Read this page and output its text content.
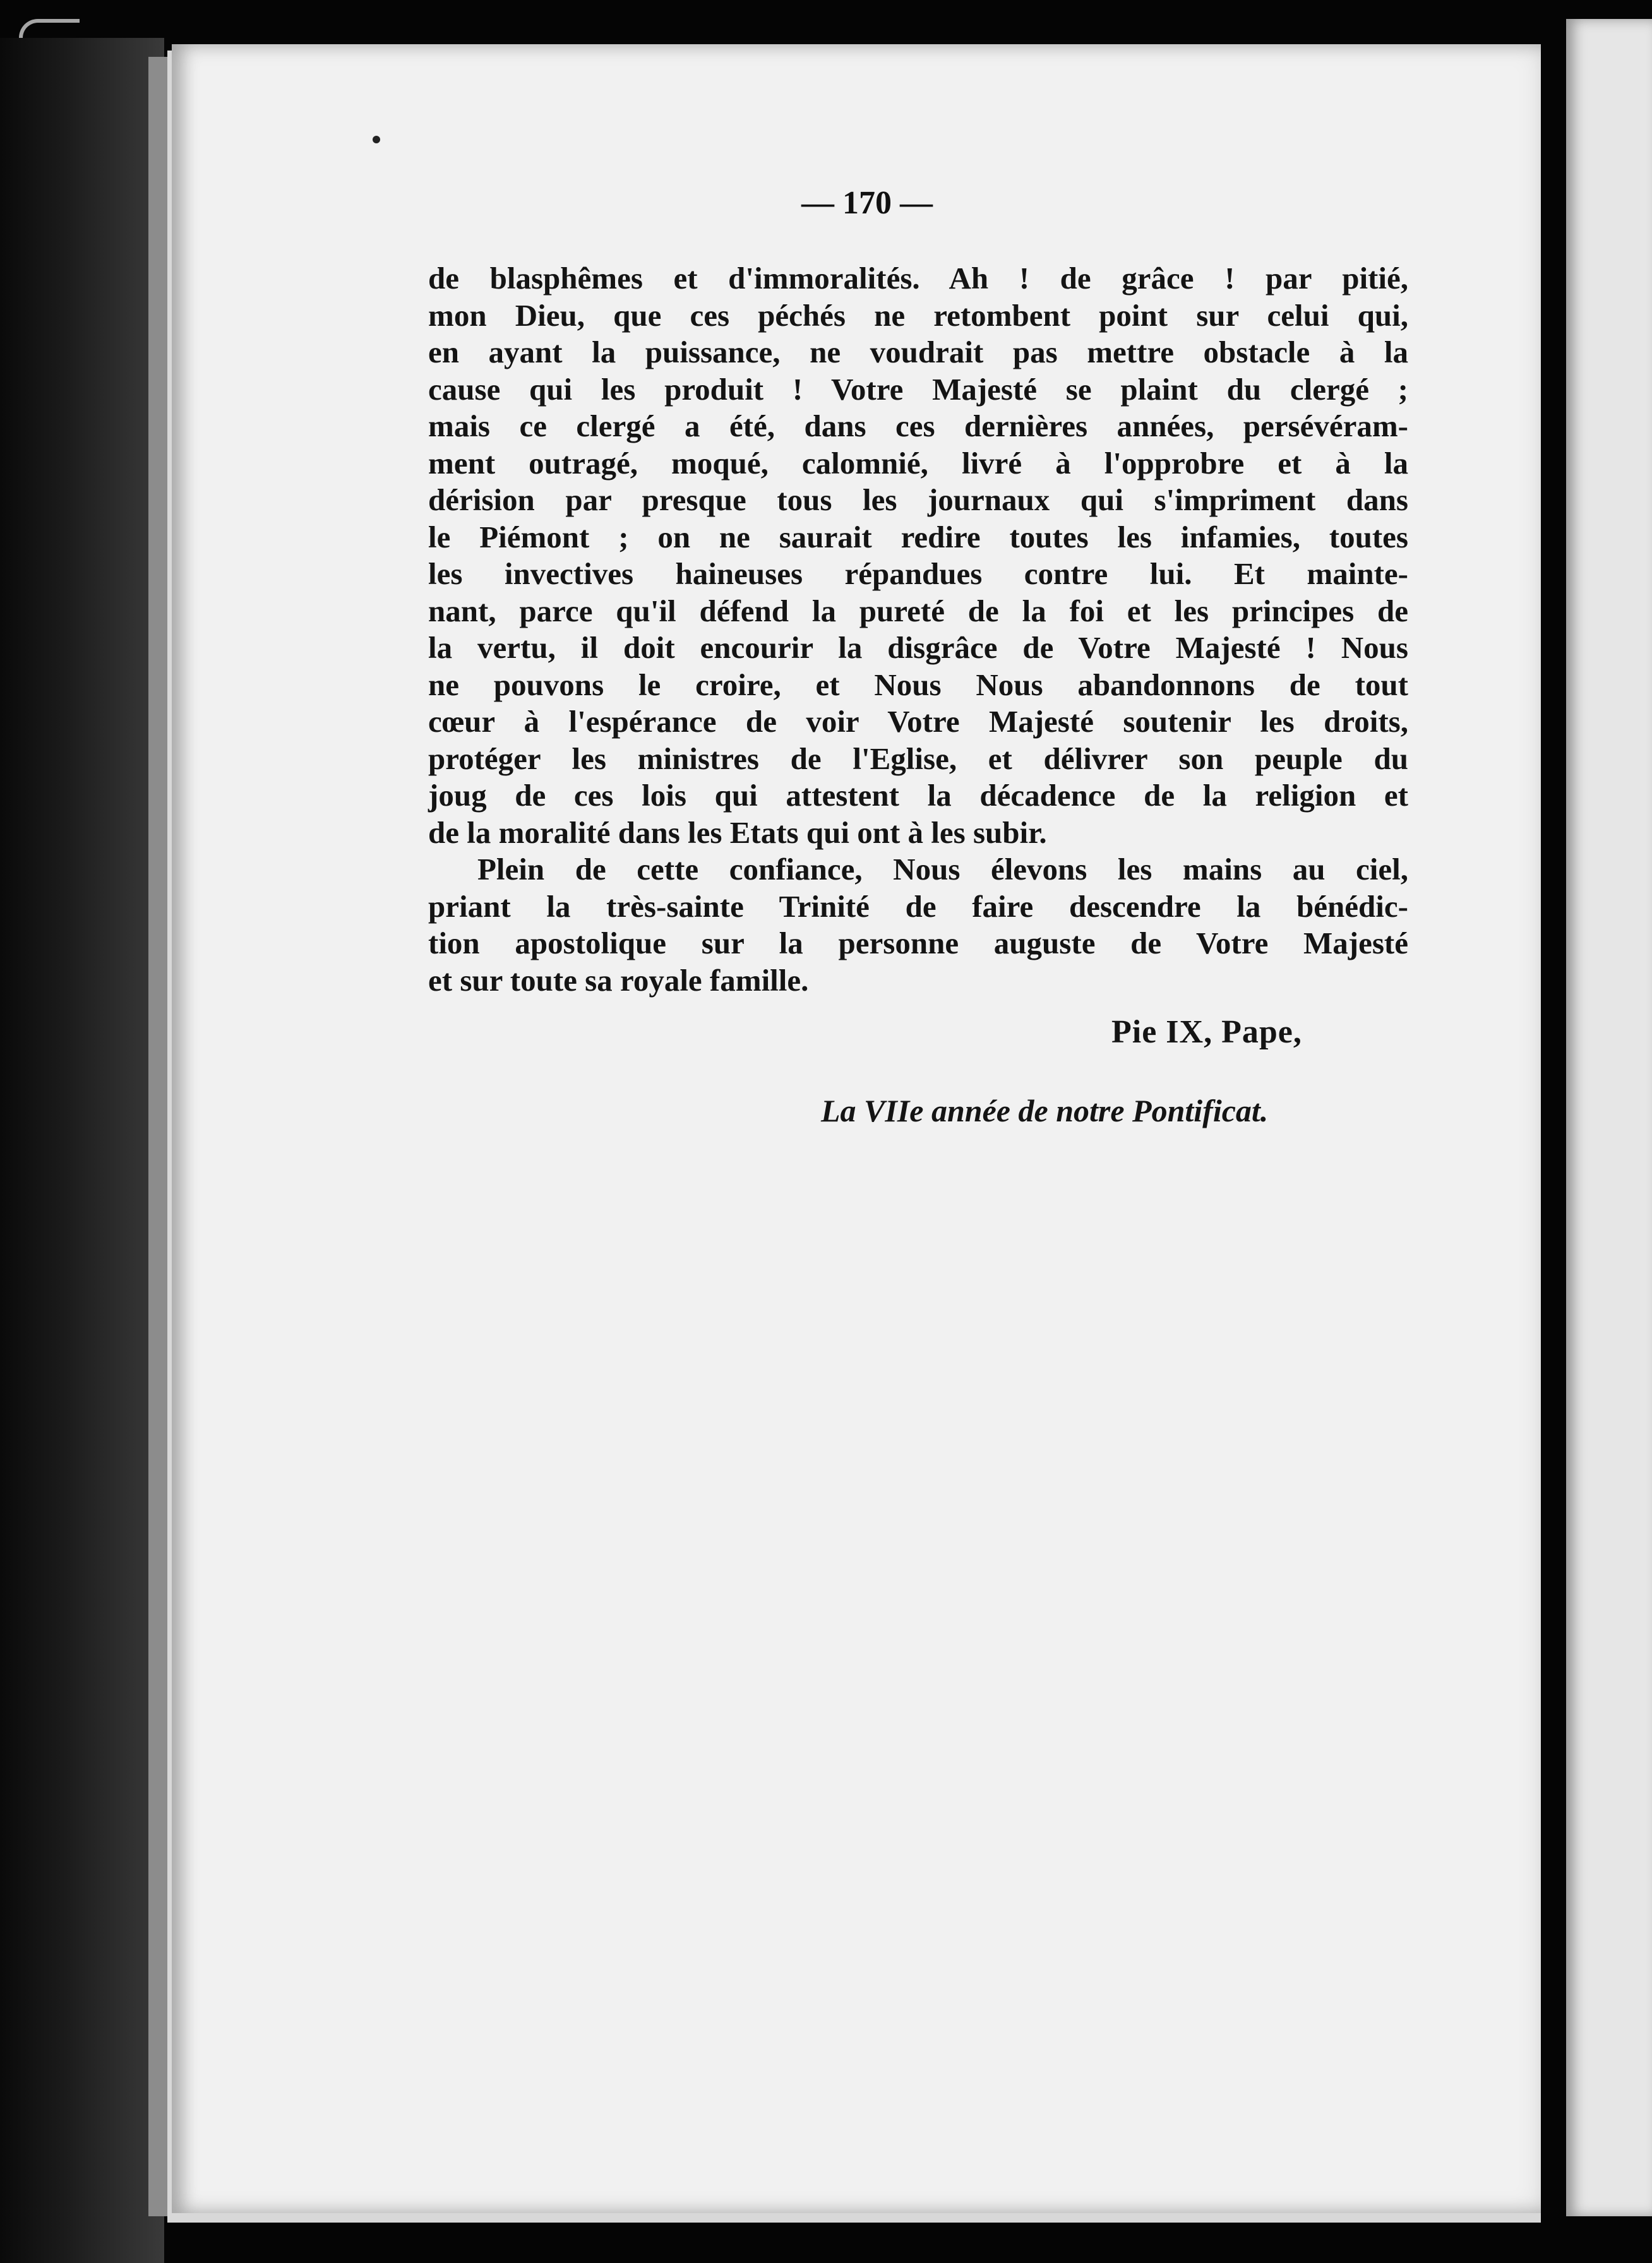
— 170 —
de blasphêmes et d'immoralités. Ah ! de grâce ! par pitié,
mon Dieu, que ces péchés ne retombent point sur celui qui,
en ayant la puissance, ne voudrait pas mettre obstacle à la
cause qui les produit ! Votre Majesté se plaint du clergé ;
mais ce clergé a été, dans ces dernières années, persévéram-
ment outragé, moqué, calomnié, livré à l'opprobre et à la
dérision par presque tous les journaux qui s'impriment dans
le Piémont ; on ne saurait redire toutes les infamies, toutes
les invectives haineuses répandues contre lui. Et mainte-
nant, parce qu'il défend la pureté de la foi et les principes de
la vertu, il doit encourir la disgrâce de Votre Majesté ! Nous
ne pouvons le croire, et Nous Nous abandonnons de tout
cœur à l'espérance de voir Votre Majesté soutenir les droits,
protéger les ministres de l'Eglise, et délivrer son peuple du
joug de ces lois qui attestent la décadence de la religion et
de la moralité dans les Etats qui ont à les subir.
Plein de cette confiance, Nous élevons les mains au ciel,
priant la très-sainte Trinité de faire descendre la bénédic-
tion apostolique sur la personne auguste de Votre Majesté
et sur toute sa royale famille.
Pie IX, Pape,
La VIIe année de notre Pontificat.
